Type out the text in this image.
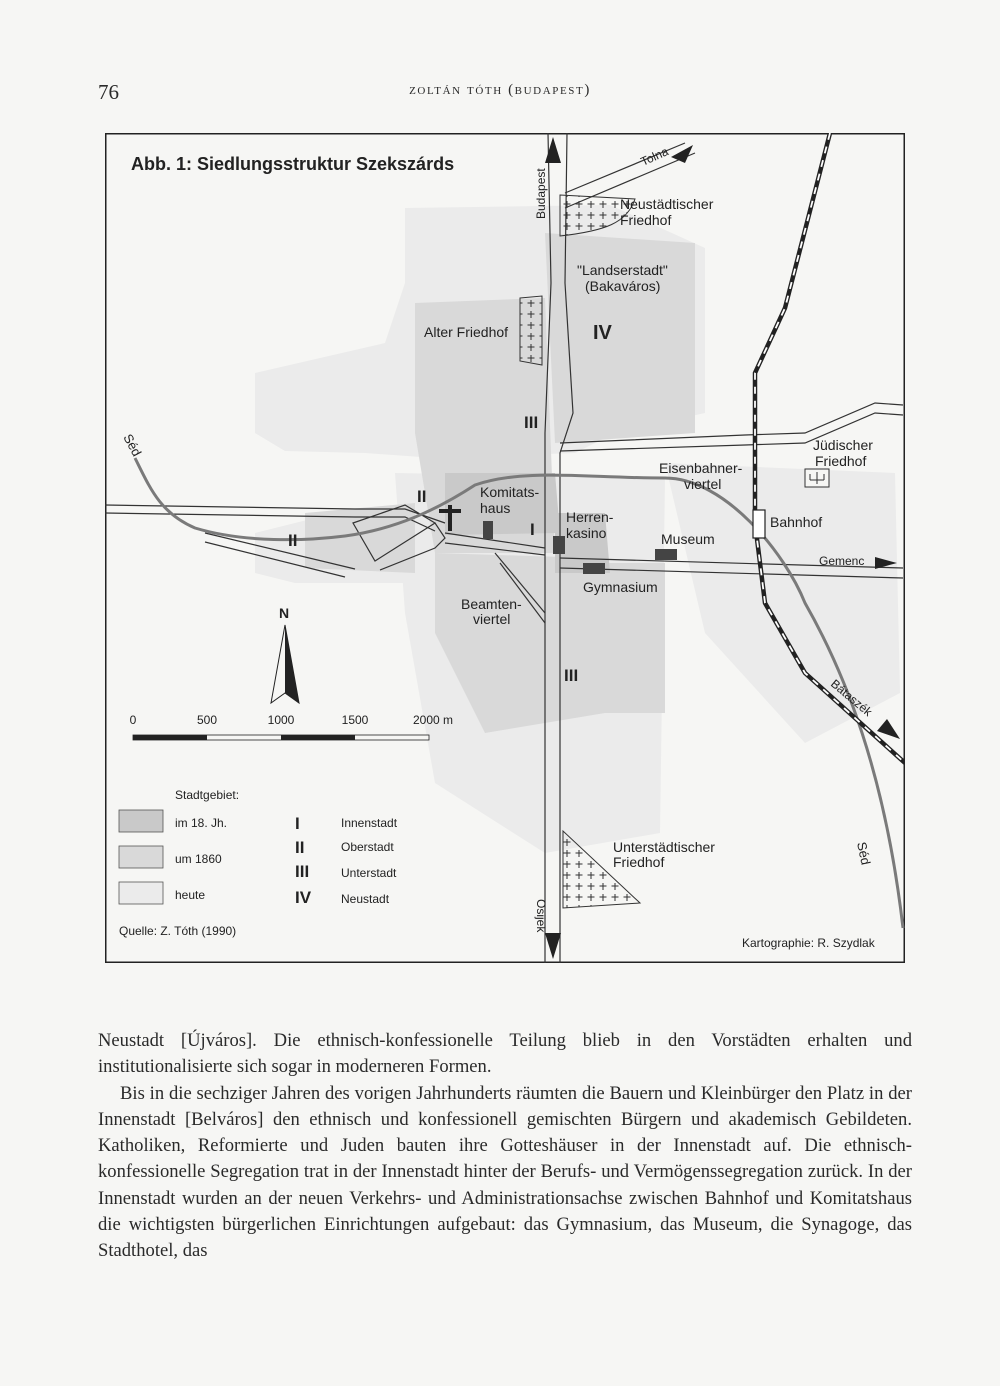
76	zoltán tóth (budapest)
Abb. 1: Siedlungsstruktur Szekszárds
Neustädtischer
Friedhof
"Landserstadt"
(Bakaváros)
Alter Friedhof
Komitats-
haus
Herren-
kasino
Eisenbahner-
viertel
Jüdischer
Friedhof
Bahnhof
Museum
Gymnasium
Beamten-
viertel
Unterstädtischer
Friedhof
Budapest
Tolna
Gemenc
Bátaszék
Osijek
Séd
Séd
I
II
II
III
III
IV
N
0	500	1000	1500	2000 m
Stadtgebiet:
im 18. Jh.
um 1860
heute
I
II
III
IV
Innenstadt
Oberstadt
Unterstadt
Neustadt
Quelle: Z. Tóth (1990)
Kartographie: R. Szydlak

Neustadt [Újváros]. Die ethnisch-konfessionelle Teilung blieb in den Vorstädten erhalten und institutionalisierte sich sogar in moderneren Formen.

Bis in die sechziger Jahren des vorigen Jahrhunderts räumten die Bauern und Kleinbürger den Platz in der Innenstadt [Belváros] den ethnisch und konfessionell gemischten Bürgern und akademisch Gebildeten. Katholiken, Reformierte und Juden bauten ihre Gotteshäuser in der Innenstadt auf. Die ethnisch-konfessionelle Segregation trat in der Innenstadt hinter der Berufs- und Vermögenssegregation zurück. In der Innenstadt wurden an der neuen Verkehrs- und Administrationsachse zwischen Bahnhof und Komitatshaus die wichtigsten bürgerlichen Einrichtungen aufgebaut: das Gymnasium, das Museum, die Synagoge, das Stadthotel, das
